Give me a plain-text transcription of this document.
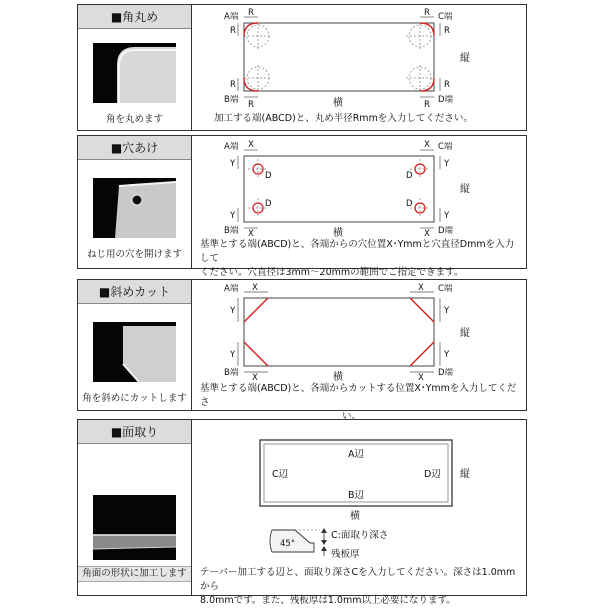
■角丸め
角を丸めます
A端	C端
B端	D端
R	R
R	R
R	R
R	R
縦
横
加工する端(ABCD)と、丸め半径Rmmを入力してください。
■穴あけ
ねじ用の穴を開けます
A端	C端
B端	D端
X	X
X	X
Y	Y
Y	Y
D	D
D	D
縦
横
基準とする端(ABCD)と、各端からの穴位置X･Ymmと穴直径Dmmを入力して
ください。穴直径は3mm～20mmの範囲でご指定できます。
■斜めカット
角を斜めにカットします
A端	C端
B端	D端
X	X
X	X
Y	Y
Y	Y
縦
横
基準とする端(ABCD)と、各端からカットする位置X･Ymmを入力してくださ
い。
■面取り
角面の形状に加工します
A辺
B辺
C辺	D辺 縦
横
45°
C:面取り深さ
残板厚
テーパー加工する辺と、面取り深さCを入力してください。深さは1.0mmから
8.0mmです。また、残板厚は1.0mm以上必要になります。
